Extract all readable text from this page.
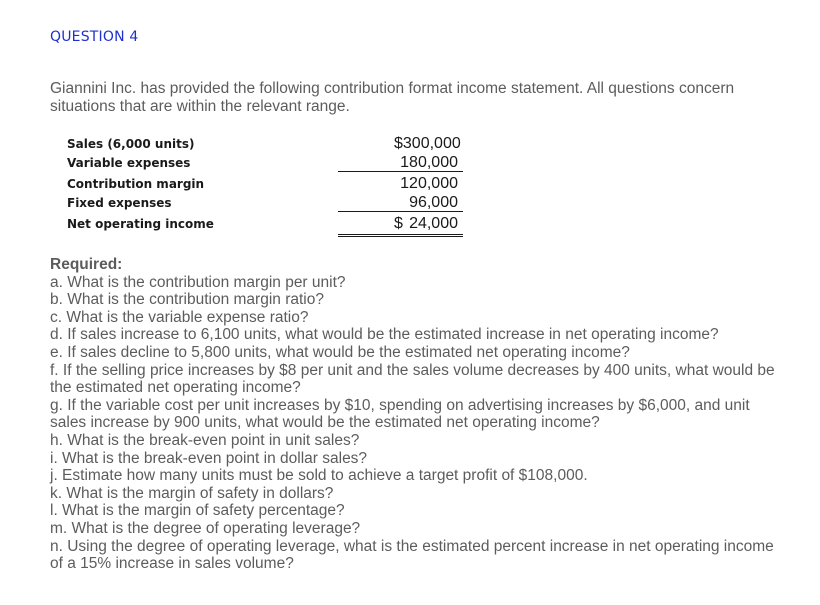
QUESTION 4
Giannini Inc. has provided the following contribution format income statement. All questions concern situations that are within the relevant range.
Sales (6,000 units)	$ 300,000
Variable expenses	180,000
Contribution margin	120,000
Fixed expenses	96,000
Net operating income	$ 24,000
Required:

a. What is the contribution margin per unit?

b. What is the contribution margin ratio?

c. What is the variable expense ratio?

d. If sales increase to 6,100 units, what would be the estimated increase in net operating income?

e. If sales decline to 5,800 units, what would be the estimated net operating income?

f. If the selling price increases by $8 per unit and the sales volume decreases by 400 units, what would be the estimated net operating income?

g. If the variable cost per unit increases by $10, spending on advertising increases by $6,000, and unit sales increase by 900 units, what would be the estimated net operating income?

h. What is the break-even point in unit sales?

i. What is the break-even point in dollar sales?

j. Estimate how many units must be sold to achieve a target profit of $108,000.

k. What is the margin of safety in dollars?

l. What is the margin of safety percentage?

m. What is the degree of operating leverage?

n. Using the degree of operating leverage, what is the estimated percent increase in net operating income of a 15% increase in sales volume?
